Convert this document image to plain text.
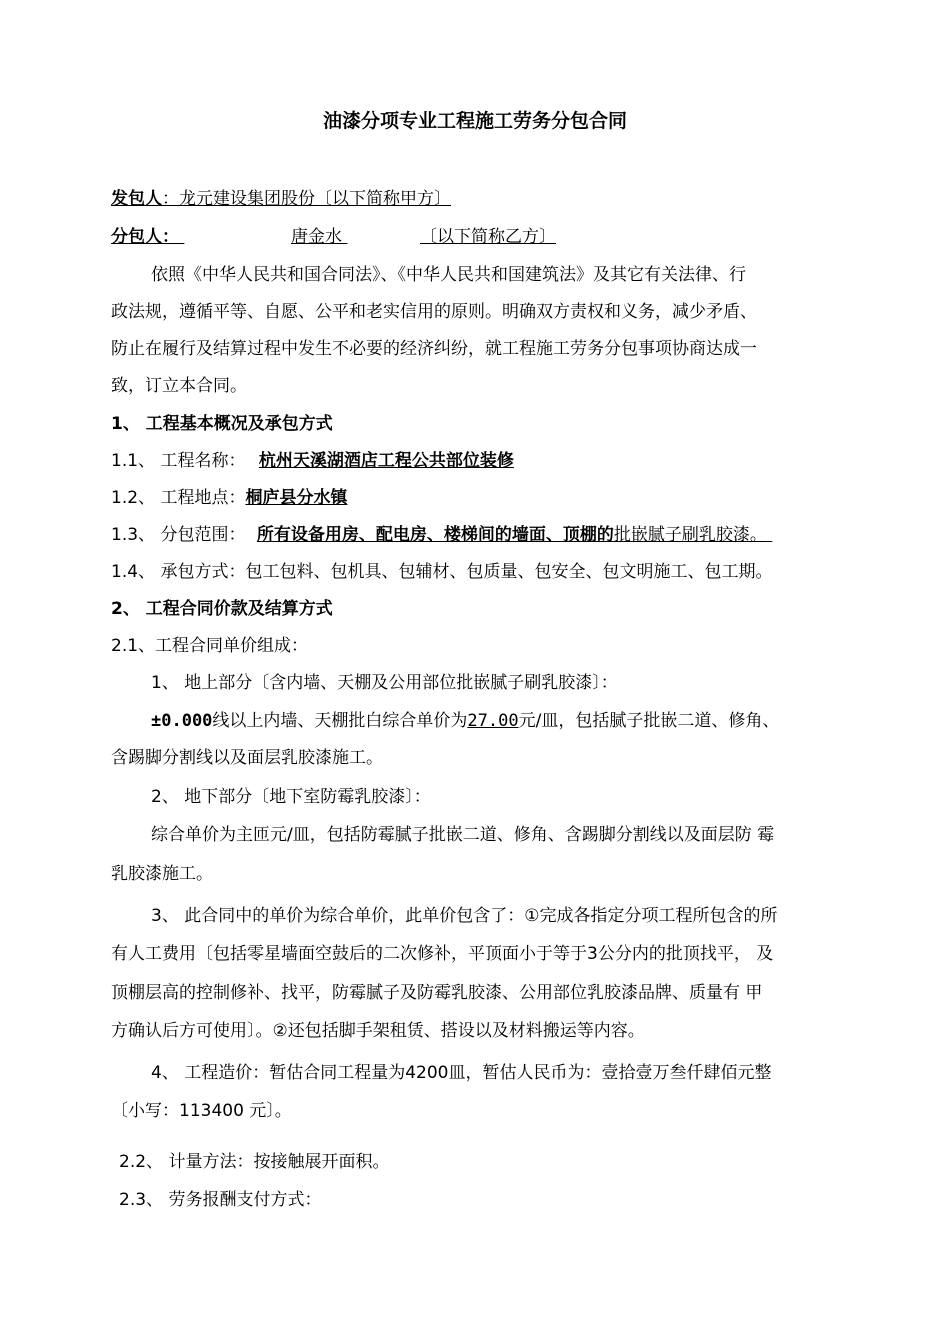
油漆分项专业工程施工劳务分包合同
发包人：龙元建设集团股份〔以下简称甲方〕
分包人：	唐金水	〔以下简称乙方〕
依照《中华人民共和国合同法》、《中华人民共和国建筑法》及其它有关法律、行
政法规，遵循平等、自愿、公平和老实信用的原则。明确双方责权和义务，减少矛盾、
防止在履行及结算过程中发生不必要的经济纠纷，就工程施工劳务分包事项协商达成一
致，订立本合同。
1、 工程基本概况及承包方式
1.1、 工程名称： 杭州天溪湖酒店工程公共部位装修
1.2、 工程地点：桐庐县分水镇
1.3、 分包范围： 所有设备用房、配电房、楼梯间的墙面、顶棚的批嵌腻子刷乳胶漆。
1.4、 承包方式：包工包料、包机具、包辅材、包质量、包安全、包文明施工、包工期。
2、 工程合同价款及结算方式
2.1、工程合同单价组成：
1、 地上部分〔含内墙、天棚及公用部位批嵌腻子刷乳胶漆〕：
±0.000线以上内墙、天棚批白综合单价为27.00元/皿，包括腻子批嵌二道、修角、
含踢脚分割线以及面层乳胶漆施工。
2、 地下部分〔地下室防霉乳胶漆〕：
综合单价为主匝元/皿，包括防霉腻子批嵌二道、修角、含踢脚分割线以及面层防 霉
乳胶漆施工。
3、 此合同中的单价为综合单价，此单价包含了：①完成各指定分项工程所包含的所
有人工费用〔包括零星墙面空鼓后的二次修补，平顶面小于等于3公分内的批顶找平， 及
顶棚层高的控制修补、找平，防霉腻子及防霉乳胶漆、公用部位乳胶漆品牌、质量有 甲
方确认后方可使用〕。②还包括脚手架租赁、搭设以及材料搬运等内容。
4、 工程造价：暂估合同工程量为4200皿，暂估人民币为：壹拾壹万叁仟肆佰元整
〔小写：113400 元〕。
2.2、 计量方法：按接触展开面积。
2.3、 劳务报酬支付方式：
